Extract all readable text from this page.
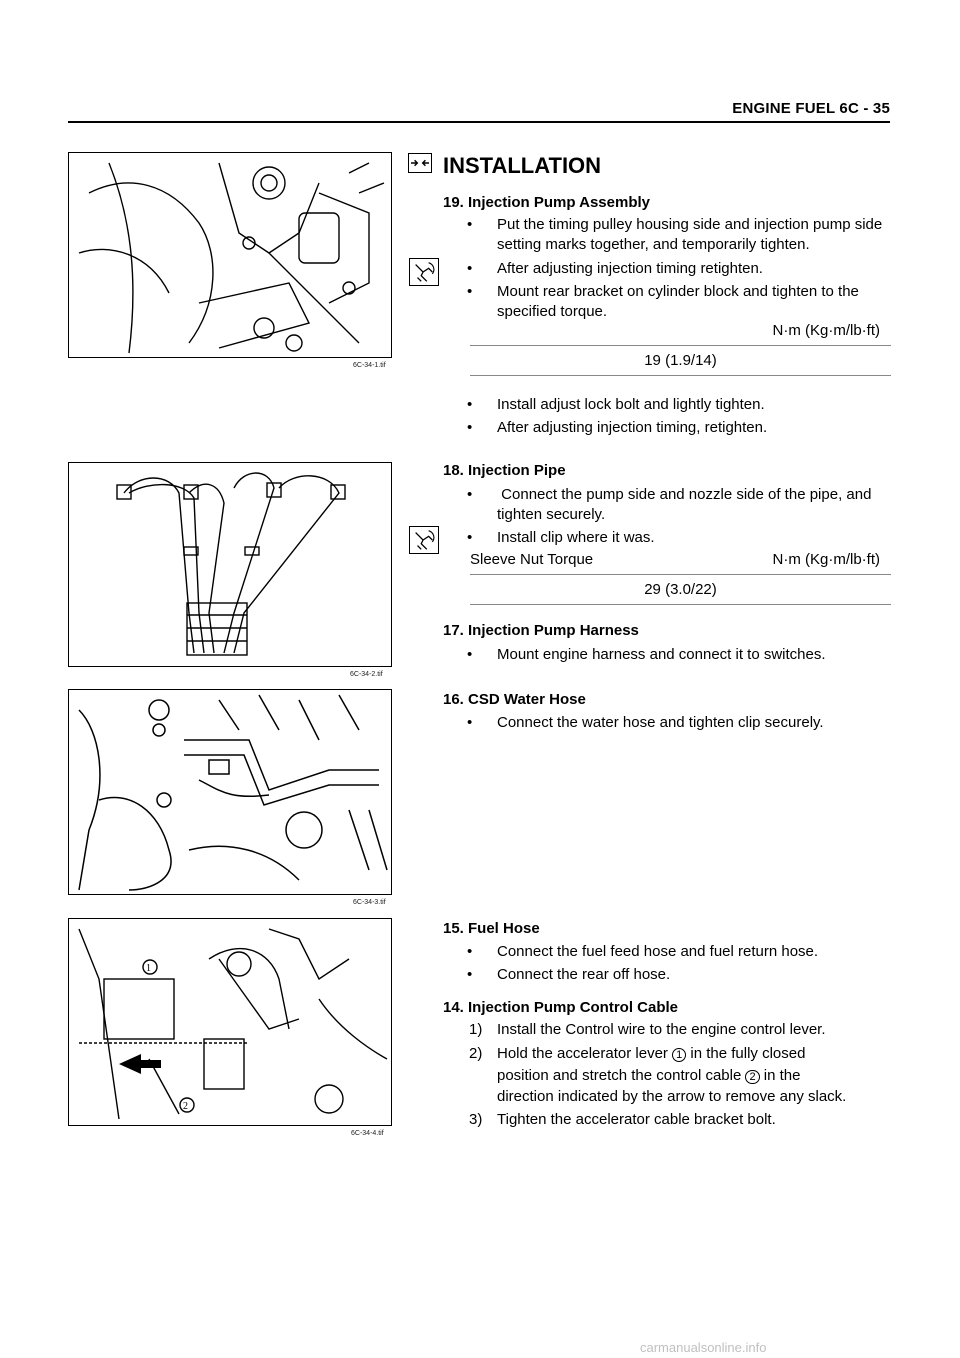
ENGINE FUEL 6C - 35
6C-34-1.tif
6C-34-2.tif
6C-34-3.tif
1
2
6C-34-4.tif
INSTALLATION
19. Injection Pump Assembly
• Put the timing pulley housing side and injection pump side setting marks together, and temporarily tighten.
• After adjusting injection timing retighten.
• Mount rear bracket on cylinder block and tighten to the specified torque.
N·m (Kg·m/lb·ft)
19 (1.9/14)
• Install adjust lock bolt and lightly tighten.
• After adjusting injection timing, retighten.
18. Injection Pipe
• Connect the pump side and nozzle side of the pipe, and tighten securely.
• Install clip where it was.
Sleeve Nut Torque	N·m (Kg·m/lb·ft)
29 (3.0/22)
17. Injection Pump Harness
• Mount engine harness and connect it to switches.
16. CSD Water Hose
• Connect the water hose and tighten clip securely.
15. Fuel Hose
• Connect the fuel feed hose and fuel return hose.
• Connect the rear off hose.
14. Injection Pump Control Cable
1) Install the Control wire to the engine control lever.
2) Hold the accelerator lever 1 in the fully closed
position and stretch the control cable 2 in the
direction indicated by the arrow to remove any slack.
3) Tighten the accelerator cable bracket bolt.
carmanualsonline.info
